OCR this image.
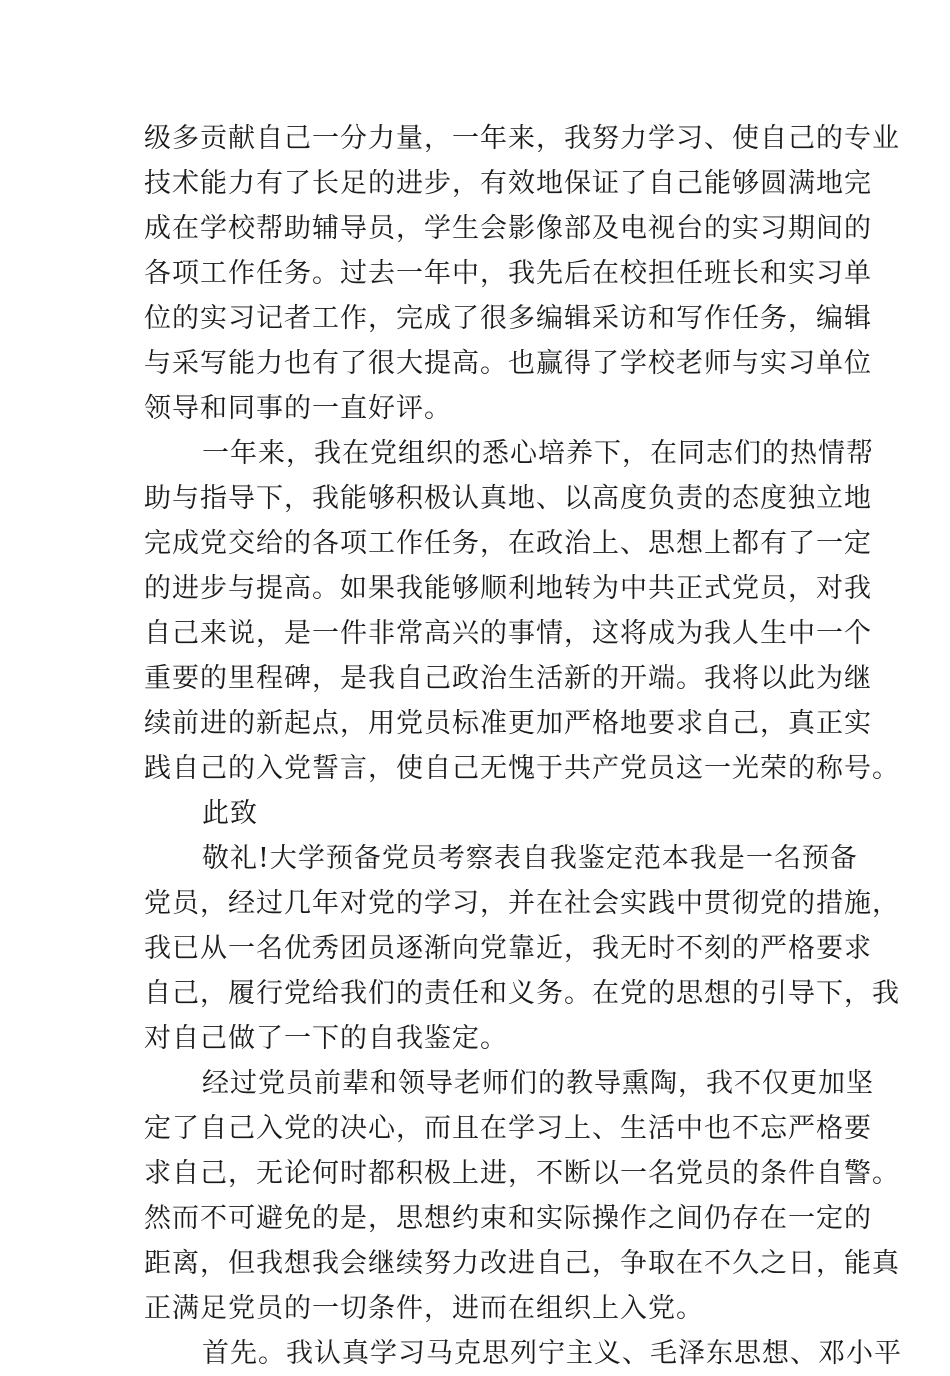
级多贡献自己一分力量，一年来，我努力学习、使自己的专业
技术能力有了长足的进步，有效地保证了自己能够圆满地完
成在学校帮助辅导员，学生会影像部及电视台的实习期间的
各项工作任务。过去一年中，我先后在校担任班长和实习单
位的实习记者工作，完成了很多编辑采访和写作任务，编辑
与采写能力也有了很大提高。也赢得了学校老师与实习单位
领导和同事的一直好评。
一年来，我在党组织的悉心培养下，在同志们的热情帮
助与指导下，我能够积极认真地、以高度负责的态度独立地
完成党交给的各项工作任务，在政治上、思想上都有了一定
的进步与提高。如果我能够顺利地转为中共正式党员，对我
自己来说，是一件非常高兴的事情，这将成为我人生中一个
重要的里程碑，是我自己政治生活新的开端。我将以此为继
续前进的新起点，用党员标准更加严格地要求自己，真正实
践自己的入党誓言，使自己无愧于共产党员这一光荣的称号。
此致
敬礼!大学预备党员考察表自我鉴定范本我是一名预备
党员，经过几年对党的学习，并在社会实践中贯彻党的措施，
我已从一名优秀团员逐渐向党靠近，我无时不刻的严格要求
自己，履行党给我们的责任和义务。在党的思想的引导下，我
对自己做了一下的自我鉴定。
经过党员前辈和领导老师们的教导熏陶，我不仅更加坚
定了自己入党的决心，而且在学习上、生活中也不忘严格要
求自己，无论何时都积极上进，不断以一名党员的条件自警。
然而不可避免的是，思想约束和实际操作之间仍存在一定的
距离，但我想我会继续努力改进自己，争取在不久之日，能真
正满足党员的一切条件，进而在组织上入党。
首先。我认真学习马克思列宁主义、毛泽东思想、邓小平
